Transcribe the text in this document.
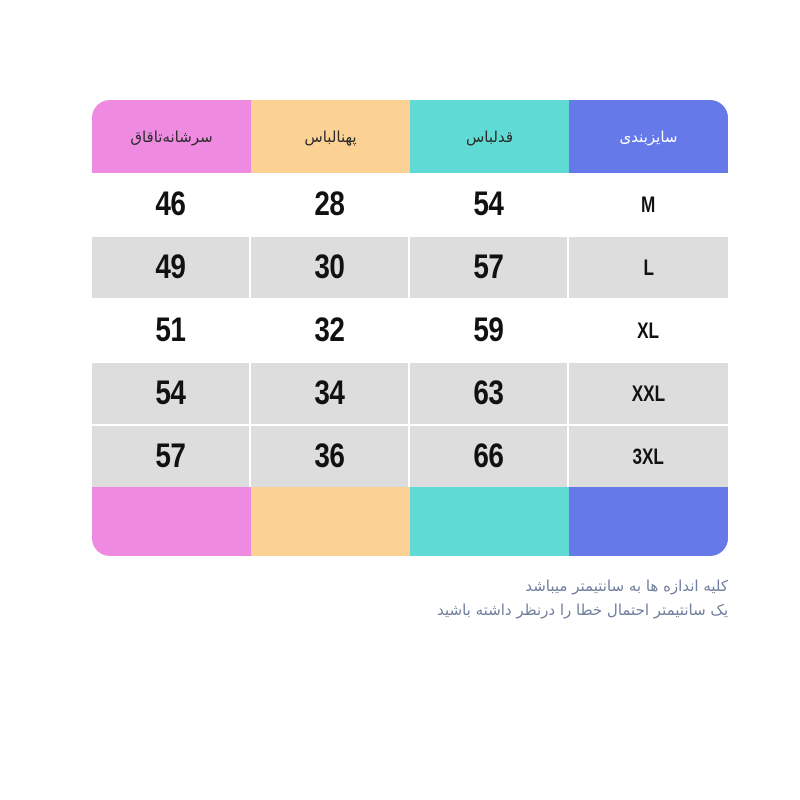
سرشانه‌تاقاق
46
49
51
54
57
پهنالباس
28
30
32
34
36
قدلباس
54
57
59
63
66
سایزبندی
M
L
XL
XXL
3XL
کلیه اندازه ها به سانتیمتر میباشد
یک سانتیمتر احتمال خطا را درنظر داشته باشید
